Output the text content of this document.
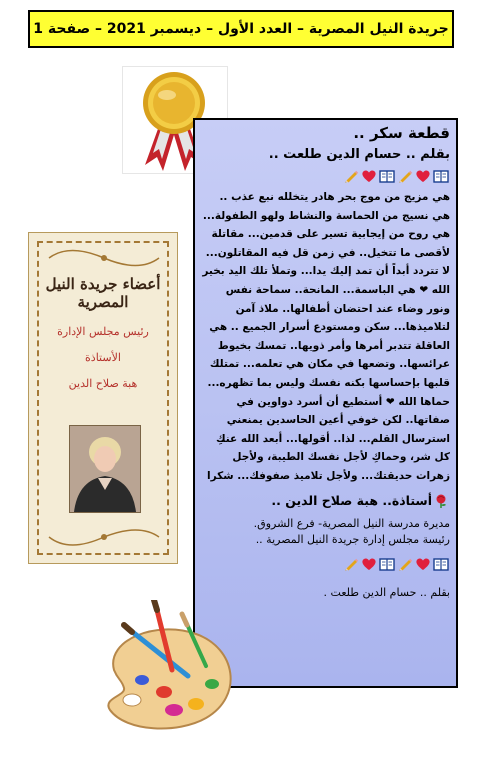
جريدة النيل المصرية – العدد الأول – ديسمبر 2021 – صفحة 1
أعضاء جريدة النيل المصرية
رئيس مجلس الإدارة
الأستاذة
هبة صلاح الدين
قطعة سكر ..
بقلم .. حسام الدين طلعت ..
هي مزيج من موج بحر هادر يتخلله نبع عذب .. هي نسيج من الحماسة والنشاط ولهو الطفولة... هي روح من إيجابية تسير على قدمين... مقاتلة لأقصى ما تتخيل.. في زمن قل فيه المقاتلون... لا تتردد أبداً أن تمد إليك يدا... وتملأ تلك اليد بخير الله ❤ هي الباسمة... المانحة.. سماحة نفس ونور وضاء عند احتضان أطفالها.. ملاذ آمن لتلاميذها... سكن ومستودع أسرار الجميع .. هي العاقلة تتدبر أمرها وأمر ذويها.. تمسك بخيوط عرائسها.. وتضعها في مكان هي تعلمه... تمتلك قلبها بإحساسها بكنه نفسك وليس بما تظهره... حماها الله ❤ أستطيع أن أسرد دواوين في صفاتها.. لكن خوفي أعين الحاسدين يمنعني استرسال القلم... لذا.. أقولها... أبعد الله عنكِ كل شر، وحماكِ لأجل نفسك الطيبة، ولأجل زهرات حديقتك... ولأجل تلاميذ صفوفك... شكرا
أستاذة.. هبة صلاح الدين ..
مديرة مدرسة النيل المصرية- فرع الشروق.
رئيسة مجلس إدارة جريدة النيل المصرية ..
بقلم .. حسام الدين طلعت .
